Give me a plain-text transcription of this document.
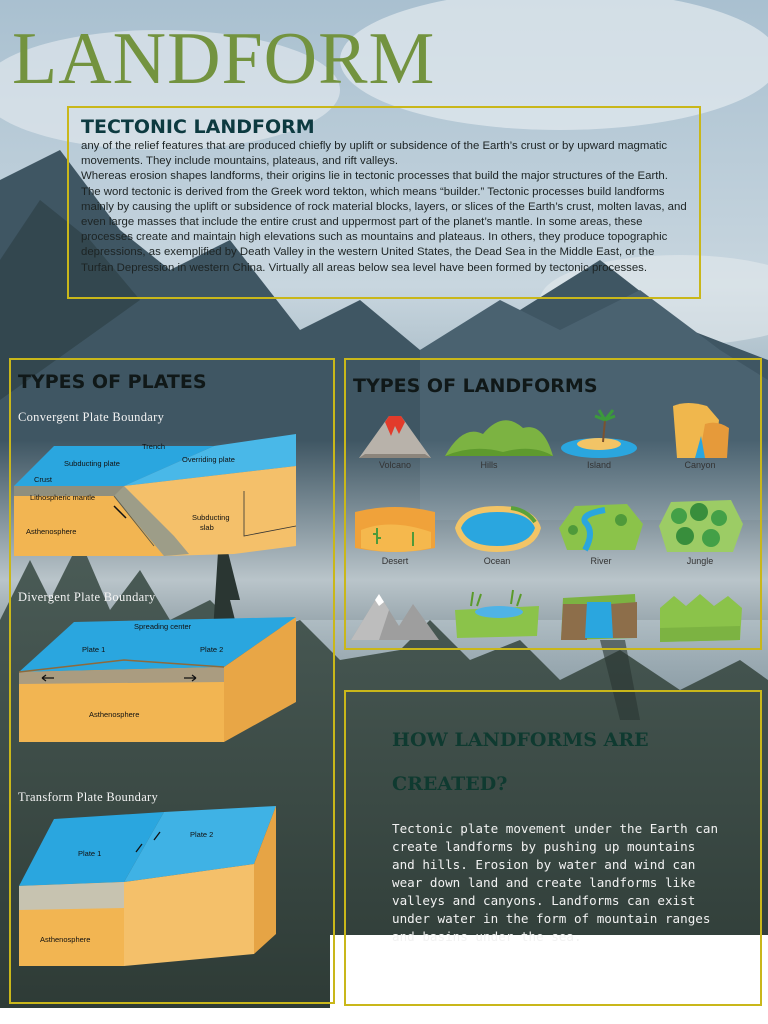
LANDFORM
TECTONIC LANDFORM

any of the relief features that are produced chiefly by uplift or subsidence of the Earth’s crust or by upward magmatic movements. They include mountains, plateaus, and rift valleys.

Whereas erosion shapes landforms, their origins lie in tectonic processes that build the major structures of the Earth. The word tectonic is derived from the Greek word tekton, which means “builder.” Tectonic processes build landforms mainly by causing the uplift or subsidence of rock material blocks, layers, or slices of the Earth’s crust, molten lavas, and even large masses that include the entire crust and uppermost part of the planet’s mantle. In some areas, these processes create and maintain high elevations such as mountains and plateaus. In others, they produce topographic depressions, as exemplified by Death Valley in the western United States, the Dead Sea in the Middle East, or the Turfan Depression in western China. Virtually all areas below sea level have been formed by tectonic processes.

TYPES OF PLATES

Convergent Plate Boundary

Trench
Subducting plate	Overriding plate
Crust
Lithospheric mantle
Asthenosphere
Subducting
slab

Divergent Plate Boundary

Spreading center
Plate 1	Plate 2
Asthenosphere

Transform Plate Boundary

Plate 1
Plate 2
Asthenosphere
TYPES OF LANDFORMS
Volcano	Hills	Island	Canyon
Desert	Ocean	River	Jungle
HOW LANDFORMS ARE CREATED?

Tectonic plate movement under the Earth can create landforms by pushing up mountains and hills. Erosion by water and wind can wear down land and create landforms like valleys and canyons. Landforms can exist under water in the form of mountain ranges and basins under the sea.
